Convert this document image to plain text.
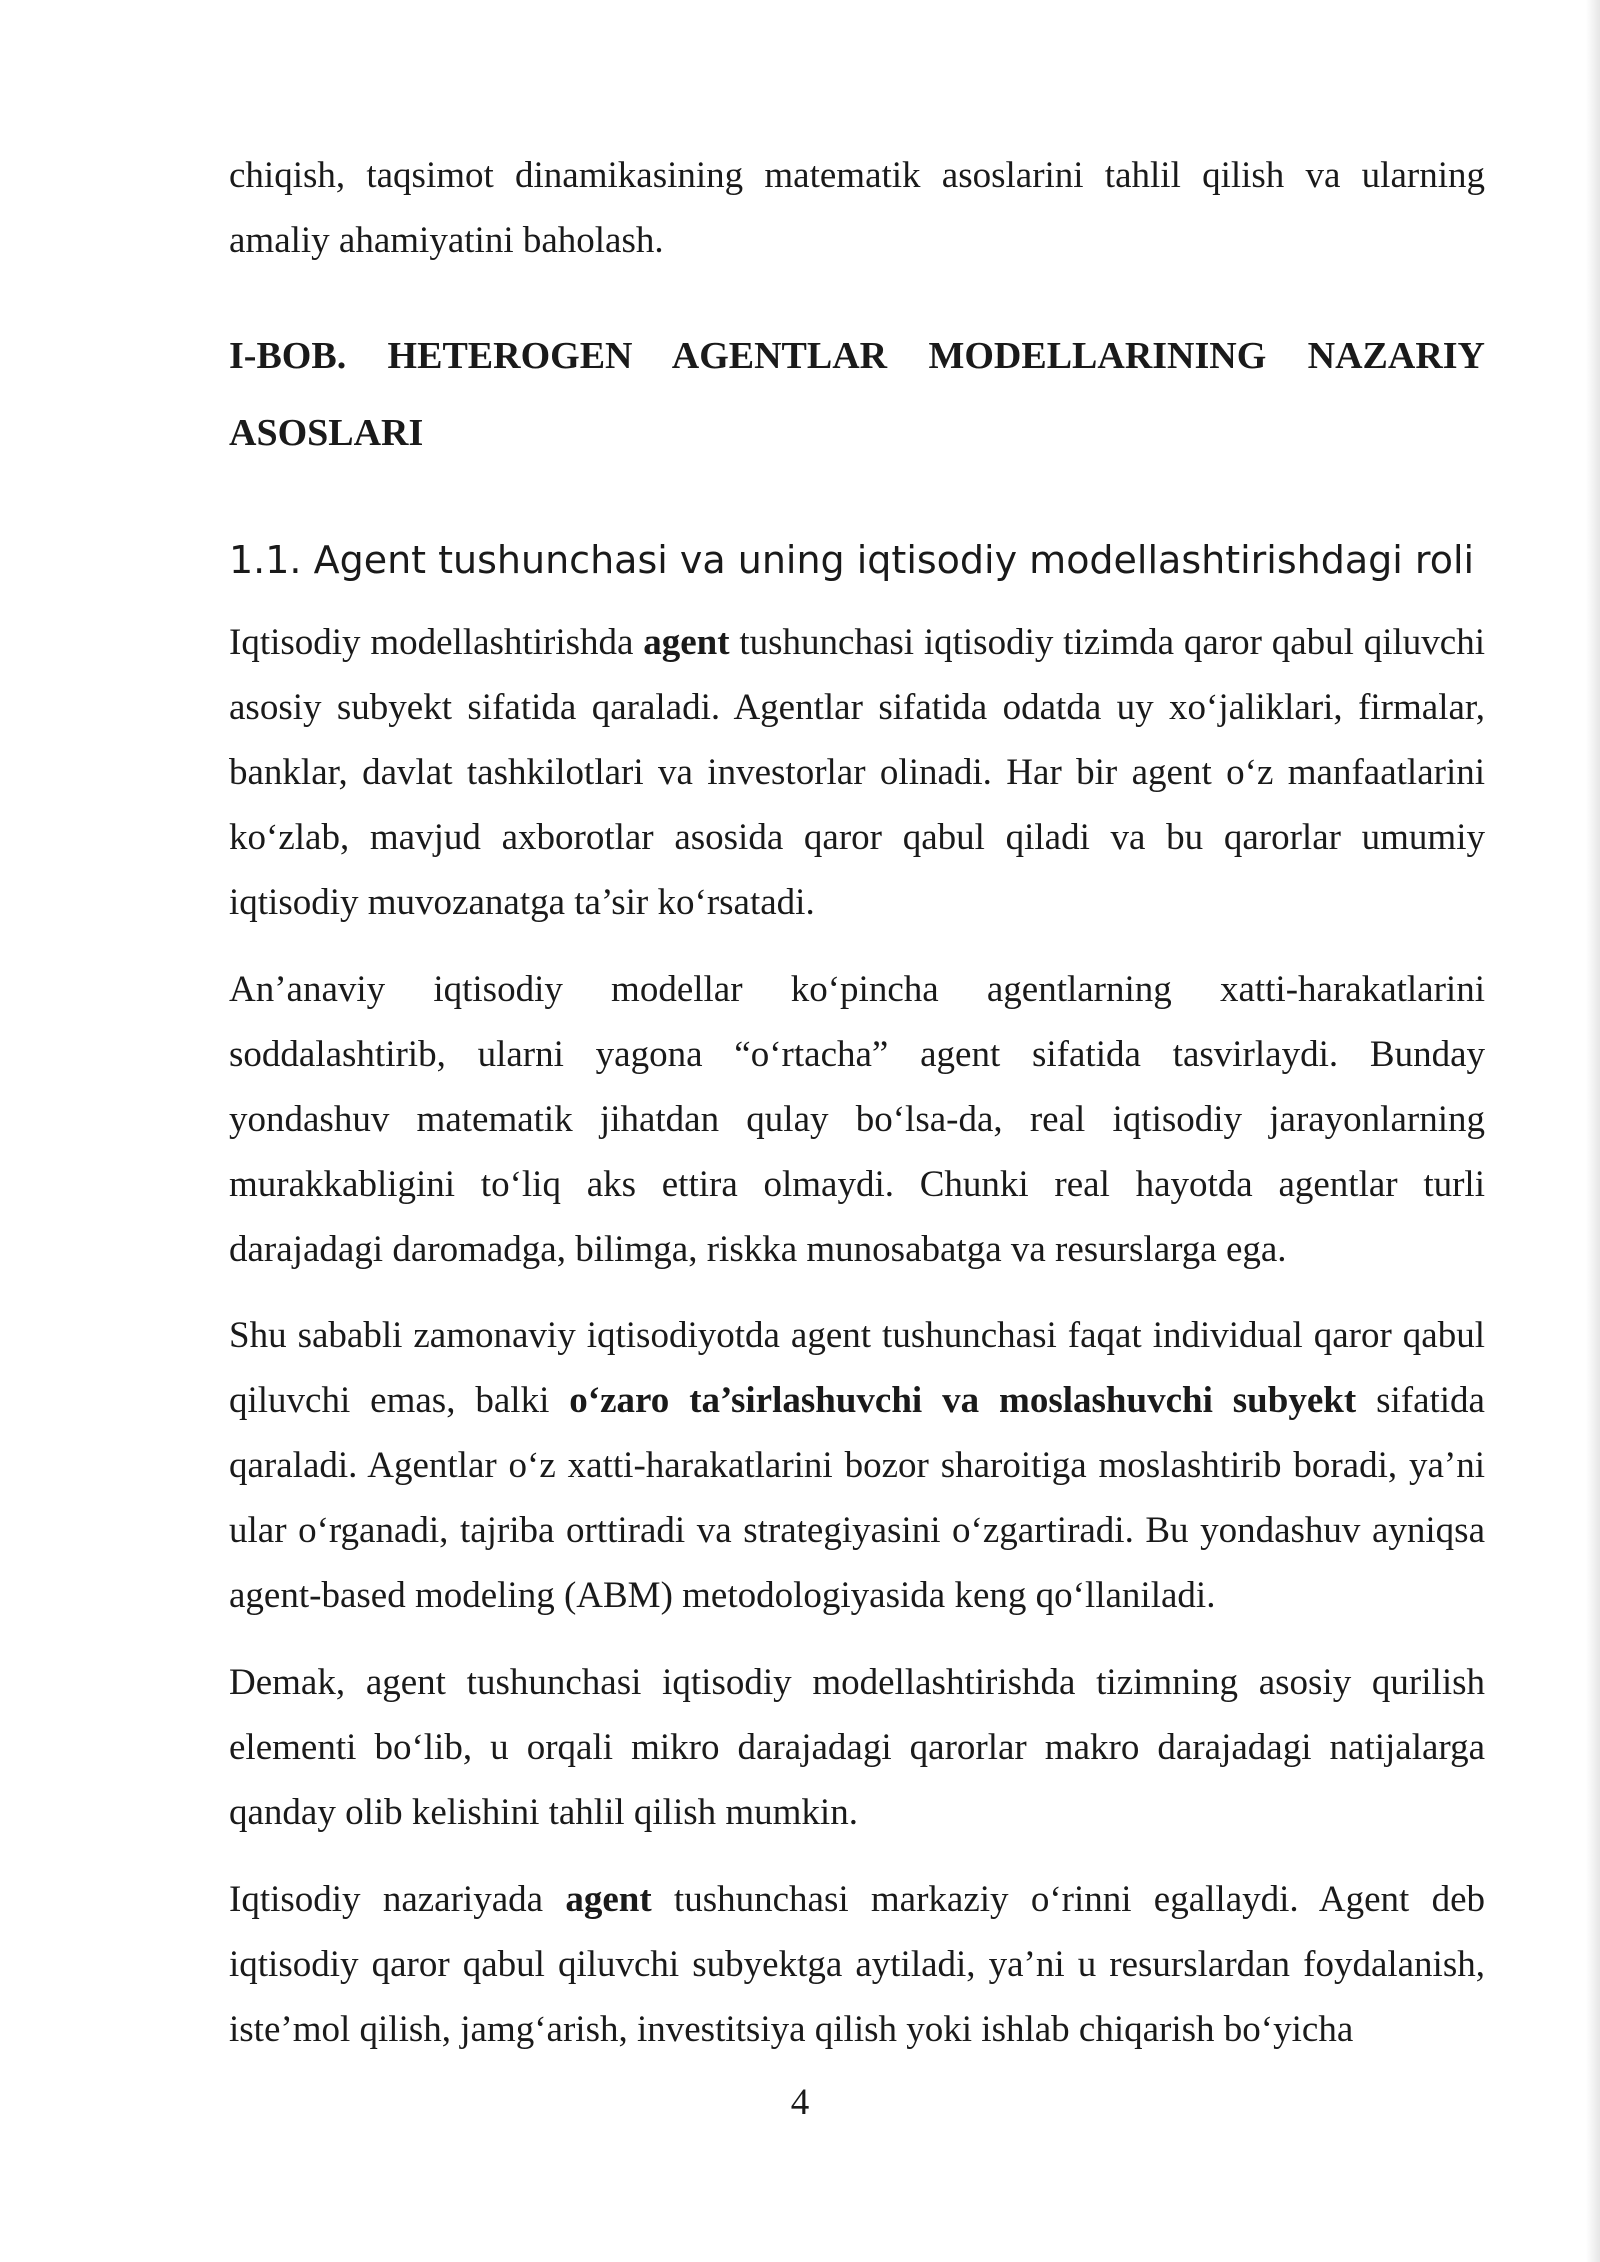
chiqish, taqsimot dinamikasining matematik asoslarini tahlil qilish va ularning amaliy ahamiyatini baholash.

I-BOB. HETEROGEN AGENTLAR MODELLARINING NAZARIY ASOSLARI
1.1. Agent tushunchasi va uning iqtisodiy modellashtirishdagi roli

Iqtisodiy modellashtirishda agent tushunchasi iqtisodiy tizimda qaror qabul qiluvchi asosiy subyekt sifatida qaraladi. Agentlar sifatida odatda uy xo‘jaliklari, firmalar, banklar, davlat tashkilotlari va investorlar olinadi. Har bir agent o‘z manfaatlarini ko‘zlab, mavjud axborotlar asosida qaror qabul qiladi va bu qarorlar umumiy iqtisodiy muvozanatga ta’sir ko‘rsatadi.

An’anaviy iqtisodiy modellar ko‘pincha agentlarning xatti-harakatlarini soddalashtirib, ularni yagona “o‘rtacha” agent sifatida tasvirlaydi. Bunday yondashuv matematik jihatdan qulay bo‘lsa-da, real iqtisodiy jarayonlarning murakkabligini to‘liq aks ettira olmaydi. Chunki real hayotda agentlar turli darajadagi daromadga, bilimga, riskka munosabatga va resurslarga ega.

Shu sababli zamonaviy iqtisodiyotda agent tushunchasi faqat individual qaror qabul qiluvchi emas, balki o‘zaro ta’sirlashuvchi va moslashuvchi subyekt sifatida qaraladi. Agentlar o‘z xatti-harakatlarini bozor sharoitiga moslashtirib boradi, ya’ni ular o‘rganadi, tajriba orttiradi va strategiyasini o‘zgartiradi. Bu yondashuv ayniqsa agent-based modeling (ABM) metodologiyasida keng qo‘llaniladi.

Demak, agent tushunchasi iqtisodiy modellashtirishda tizimning asosiy qurilish elementi bo‘lib, u orqali mikro darajadagi qarorlar makro darajadagi natijalarga qanday olib kelishini tahlil qilish mumkin.

Iqtisodiy nazariyada agent tushunchasi markaziy o‘rinni egallaydi. Agent deb iqtisodiy qaror qabul qiluvchi subyektga aytiladi, ya’ni u resurslardan foydalanish, iste’mol qilish, jamg‘arish, investitsiya qilish yoki ishlab chiqarish bo‘yicha

4
